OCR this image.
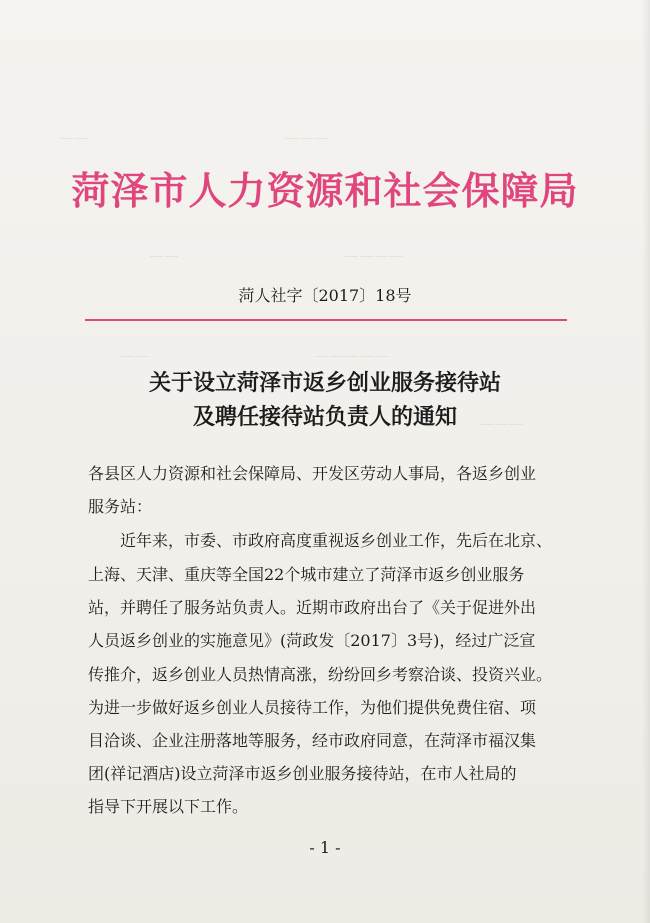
＿＿　　　　　　　　　　　　　＿＿＿
＿＿　　　　　　　　　　　＿＿＿＿
＿＿　　　　　　　　　　　＿＿＿＿＿
＿＿＿
菏泽市人力资源和社会保障局
菏人社字〔2017〕18号
关于设立菏泽市返乡创业服务接待站
及聘任接待站负责人的通知
各县区人力资源和社会保障局、开发区劳动人事局，各返乡创业
服务站：
近年来，市委、市政府高度重视返乡创业工作，先后在北京、
上海、天津、重庆等全国22个城市建立了菏泽市返乡创业服务
站，并聘任了服务站负责人。近期市政府出台了《关于促进外出
人员返乡创业的实施意见》(菏政发〔2017〕3号)，经过广泛宣
传推介，返乡创业人员热情高涨，纷纷回乡考察洽谈、投资兴业。
为进一步做好返乡创业人员接待工作，为他们提供免费住宿、项
目洽谈、企业注册落地等服务，经市政府同意，在菏泽市福汉集
团(祥记酒店)设立菏泽市返乡创业服务接待站，在市人社局的
指导下开展以下工作。
- 1 -
